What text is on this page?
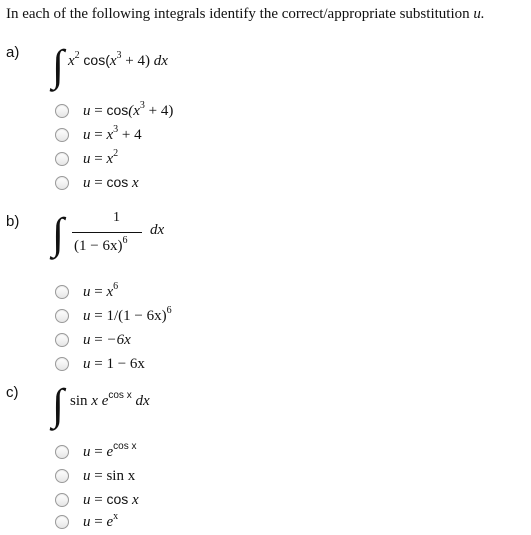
In each of the following integrals identify the correct/appropriate substitution u.
a) ∫ $x^2$ $\cos(x^3 + 4)$ dx
$u = \cos(x^3 + 4)$
$u = x^3 + 4$
$u = x^2$
u = cos x
b) ∫	1
$(1 - 6x)^6$
dx
$u = x^6$
$u = 1/(1 - 6x)^6$
u = −6x
u = 1 − 6x
c) ∫ sin x e$^{cos x}$ dx
u = e$^{cos x}$
u = sin x
u = cos x
$u = e^x$
